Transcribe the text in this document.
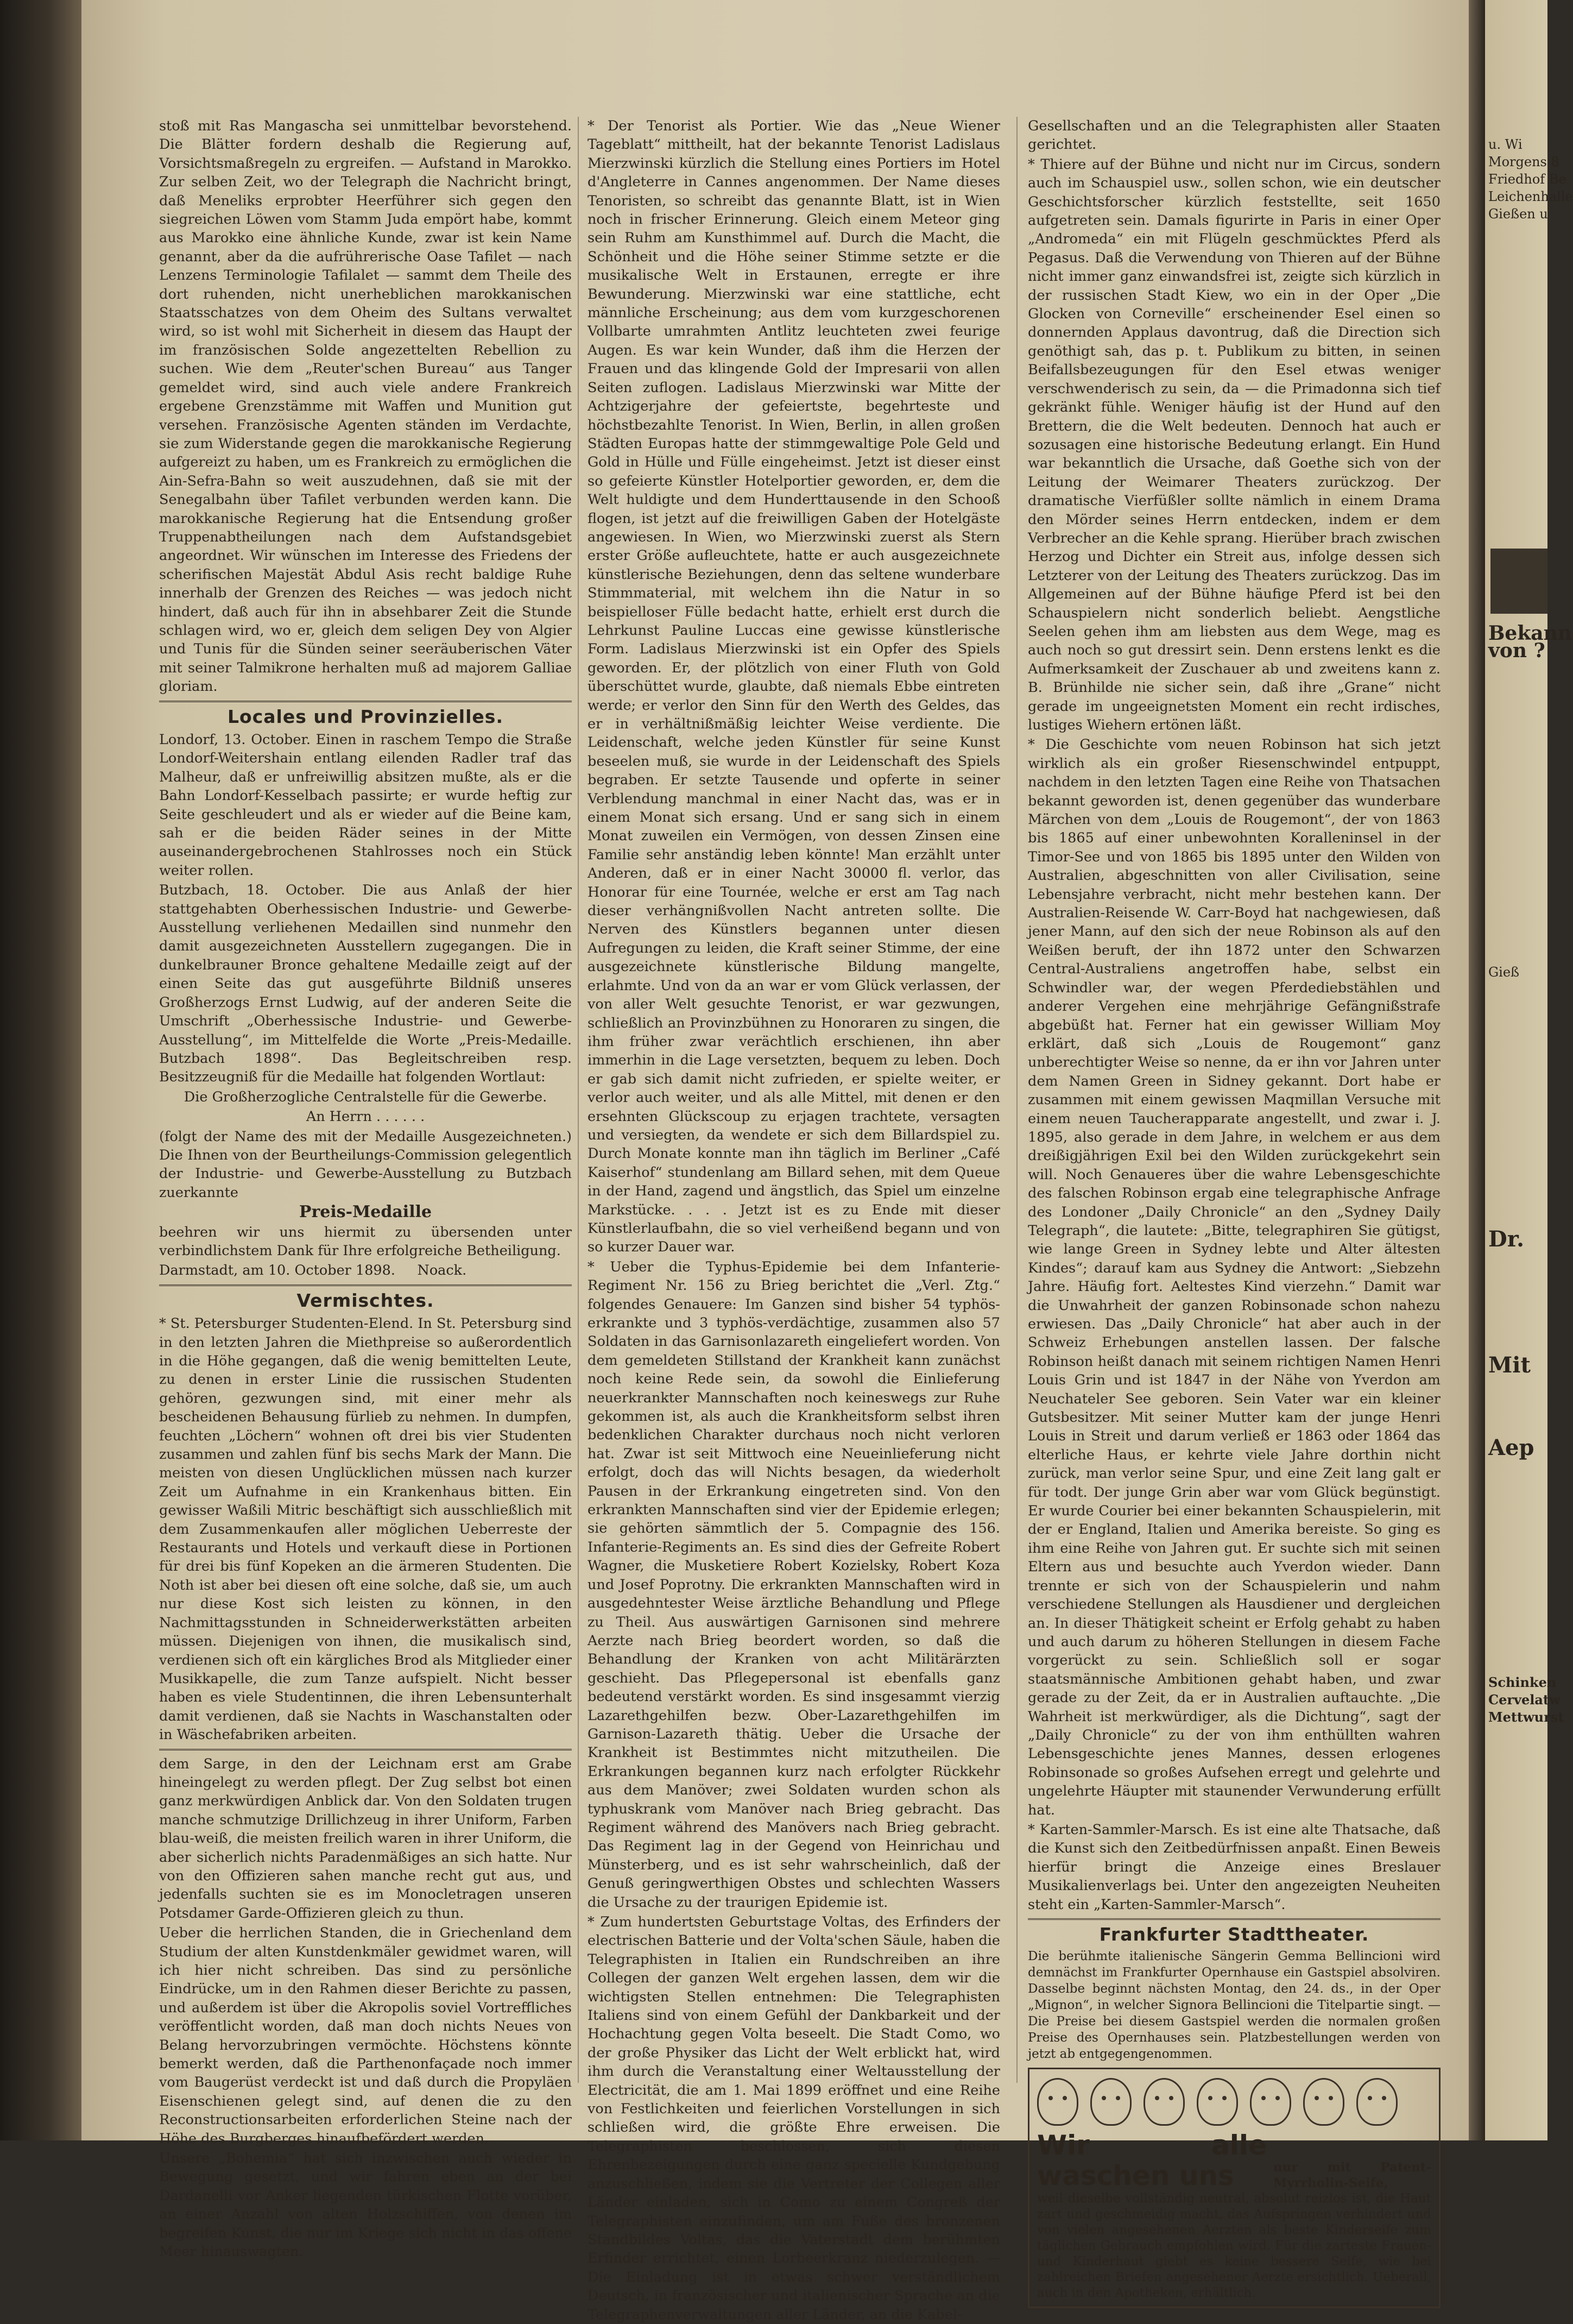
stoß mit Ras Mangascha sei unmittelbar bevorstehend. Die Blätter fordern deshalb die Regierung auf, Vorsichtsmaßregeln zu ergreifen. — Aufstand in Marokko. Zur selben Zeit, wo der Telegraph die Nachricht bringt, daß Meneliks erprobter Heerführer sich gegen den siegreichen Löwen vom Stamm Juda empört habe, kommt aus Marokko eine ähnliche Kunde, zwar ist kein Name genannt, aber da die aufrührerische Oase Tafilet — nach Lenzens Terminologie Tafilalet — sammt dem Theile des dort ruhenden, nicht unerheblichen marokkanischen Staatsschatzes von dem Oheim des Sultans verwaltet wird, so ist wohl mit Sicherheit in diesem das Haupt der im französischen Solde angezettelten Rebellion zu suchen. Wie dem „Reuter'schen Bureau“ aus Tanger gemeldet wird, sind auch viele andere Frankreich ergebene Grenzstämme mit Waffen und Munition gut versehen. Französische Agenten ständen im Verdachte, sie zum Widerstande gegen die marokkanische Regierung aufgereizt zu haben, um es Frankreich zu ermöglichen die Ain-Sefra-Bahn so weit auszudehnen, daß sie mit der Senegalbahn über Tafilet verbunden werden kann. Die marokkanische Regierung hat die Entsendung großer Truppenabtheilungen nach dem Aufstandsgebiet angeordnet. Wir wünschen im Interesse des Friedens der scherifischen Majestät Abdul Asis recht baldige Ruhe innerhalb der Grenzen des Reiches — was jedoch nicht hindert, daß auch für ihn in absehbarer Zeit die Stunde schlagen wird, wo er, gleich dem seligen Dey von Algier und Tunis für die Sünden seiner seeräuberischen Väter mit seiner Talmikrone herhalten muß ad majorem Galliae gloriam.

Locales und Provinzielles.

Londorf, 13. October. Einen in raschem Tempo die Straße Londorf-Weitershain entlang eilenden Radler traf das Malheur, daß er unfreiwillig absitzen mußte, als er die Bahn Londorf-Kesselbach passirte; er wurde heftig zur Seite geschleudert und als er wieder auf die Beine kam, sah er die beiden Räder seines in der Mitte auseinandergebrochenen Stahlrosses noch ein Stück weiter rollen.

Butzbach, 18. October. Die aus Anlaß der hier stattgehabten Oberhessischen Industrie- und Gewerbe-Ausstellung verliehenen Medaillen sind nunmehr den damit ausgezeichneten Ausstellern zugegangen. Die in dunkelbrauner Bronce gehaltene Medaille zeigt auf der einen Seite das gut ausgeführte Bildniß unseres Großherzogs Ernst Ludwig, auf der anderen Seite die Umschrift „Oberhessische Industrie- und Gewerbe-Ausstellung“, im Mittelfelde die Worte „Preis-Medaille. Butzbach 1898“. Das Begleitschreiben resp. Besitzzeugniß für die Medaille hat folgenden Wortlaut:

Die Großherzogliche Centralstelle für die Gewerbe.

An Herrn . . . . . .

(folgt der Name des mit der Medaille Ausgezeichneten.) Die Ihnen von der Beurtheilungs-Commission gelegentlich der Industrie- und Gewerbe-Ausstellung zu Butzbach zuerkannte

Preis-Medaille

beehren wir uns hiermit zu übersenden unter verbindlichstem Dank für Ihre erfolgreiche Betheiligung.

Darmstadt, am 10. October 1898.     Noack.

Vermischtes.

* St. Petersburger Studenten-Elend. In St. Petersburg sind in den letzten Jahren die Miethpreise so außerordentlich in die Höhe gegangen, daß die wenig bemittelten Leute, zu denen in erster Linie die russischen Studenten gehören, gezwungen sind, mit einer mehr als bescheidenen Behausung fürlieb zu nehmen. In dumpfen, feuchten „Löchern“ wohnen oft drei bis vier Studenten zusammen und zahlen fünf bis sechs Mark der Mann. Die meisten von diesen Unglücklichen müssen nach kurzer Zeit um Aufnahme in ein Krankenhaus bitten. Ein gewisser Waßili Mitric beschäftigt sich ausschließlich mit dem Zusammenkaufen aller möglichen Ueberreste der Restaurants und Hotels und verkauft diese in Portionen für drei bis fünf Kopeken an die ärmeren Studenten. Die Noth ist aber bei diesen oft eine solche, daß sie, um auch nur diese Kost sich leisten zu können, in den Nachmittagsstunden in Schneiderwerkstätten arbeiten müssen. Diejenigen von ihnen, die musikalisch sind, verdienen sich oft ein kärgliches Brod als Mitglieder einer Musikkapelle, die zum Tanze aufspielt. Nicht besser haben es viele Studentinnen, die ihren Lebensunterhalt damit verdienen, daß sie Nachts in Waschanstalten oder in Wäschefabriken arbeiten.

dem Sarge, in den der Leichnam erst am Grabe hineingelegt zu werden pflegt. Der Zug selbst bot einen ganz merkwürdigen Anblick dar. Von den Soldaten trugen manche schmutzige Drillichzeug in ihrer Uniform, Farben blau-weiß, die meisten freilich waren in ihrer Uniform, die aber sicherlich nichts Paradenmäßiges an sich hatte. Nur von den Offizieren sahen manche recht gut aus, und jedenfalls suchten sie es im Monocletragen unseren Potsdamer Garde-Offizieren gleich zu thun.

Ueber die herrlichen Standen, die in Griechenland dem Studium der alten Kunstdenkmäler gewidmet waren, will ich hier nicht schreiben. Das sind zu persönliche Eindrücke, um in den Rahmen dieser Berichte zu passen, und außerdem ist über die Akropolis soviel Vortreffliches veröffentlicht worden, daß man doch nichts Neues von Belang hervorzubringen vermöchte. Höchstens könnte bemerkt werden, daß die Parthenonfaçade noch immer vom Baugerüst verdeckt ist und daß durch die Propyläen Eisenschienen gelegt sind, auf denen die zu den Reconstructionsarbeiten erforderlichen Steine nach der Höhe des Burgberges hinaufbefördert werden.

Unsere „Bohemia“ hat sich inzwischen auch wieder in Bewegung gesetzt, und wir fahren eben an der bei Dardanelli vor Anker liegenden türkischen Flotte vorüber, an einer Anzahl von alten Holzschiffen, von denen im begreifen Kunst, die nur im Kriege sich nicht in das offene Meer hinauswagten.

* Der Tenorist als Portier. Wie das „Neue Wiener Tageblatt“ mittheilt, hat der bekannte Tenorist Ladislaus Mierzwinski kürzlich die Stellung eines Portiers im Hotel d'Angleterre in Cannes angenommen. Der Name dieses Tenoristen, so schreibt das genannte Blatt, ist in Wien noch in frischer Erinnerung. Gleich einem Meteor ging sein Ruhm am Kunsthimmel auf. Durch die Macht, die Schönheit und die Höhe seiner Stimme setzte er die musikalische Welt in Erstaunen, erregte er ihre Bewunderung. Mierzwinski war eine stattliche, echt männliche Erscheinung; aus dem vom kurzgeschorenen Vollbarte umrahmten Antlitz leuchteten zwei feurige Augen. Es war kein Wunder, daß ihm die Herzen der Frauen und das klingende Gold der Impresarii von allen Seiten zuflogen. Ladislaus Mierzwinski war Mitte der Achtzigerjahre der gefeiertste, begehrteste und höchstbezahlte Tenorist. In Wien, Berlin, in allen großen Städten Europas hatte der stimmgewaltige Pole Geld und Gold in Hülle und Fülle eingeheimst. Jetzt ist dieser einst so gefeierte Künstler Hotelportier geworden, er, dem die Welt huldigte und dem Hunderttausende in den Schooß flogen, ist jetzt auf die freiwilligen Gaben der Hotelgäste angewiesen. In Wien, wo Mierzwinski zuerst als Stern erster Größe aufleuchtete, hatte er auch ausgezeichnete künstlerische Beziehungen, denn das seltene wunderbare Stimmmaterial, mit welchem ihn die Natur in so beispielloser Fülle bedacht hatte, erhielt erst durch die Lehrkunst Pauline Luccas eine gewisse künstlerische Form. Ladislaus Mierzwinski ist ein Opfer des Spiels geworden. Er, der plötzlich von einer Fluth von Gold überschüttet wurde, glaubte, daß niemals Ebbe eintreten werde; er verlor den Sinn für den Werth des Geldes, das er in verhältnißmäßig leichter Weise verdiente. Die Leidenschaft, welche jeden Künstler für seine Kunst beseelen muß, sie wurde in der Leidenschaft des Spiels begraben. Er setzte Tausende und opferte in seiner Verblendung manchmal in einer Nacht das, was er in einem Monat sich ersang. Und er sang sich in einem Monat zuweilen ein Vermögen, von dessen Zinsen eine Familie sehr anständig leben könnte! Man erzählt unter Anderen, daß er in einer Nacht 30000 fl. verlor, das Honorar für eine Tournée, welche er erst am Tag nach dieser verhängnißvollen Nacht antreten sollte. Die Nerven des Künstlers begannen unter diesen Aufregungen zu leiden, die Kraft seiner Stimme, der eine ausgezeichnete künstlerische Bildung mangelte, erlahmte. Und von da an war er vom Glück verlassen, der von aller Welt gesuchte Tenorist, er war gezwungen, schließlich an Provinzbühnen zu Honoraren zu singen, die ihm früher zwar verächtlich erschienen, ihn aber immerhin in die Lage versetzten, bequem zu leben. Doch er gab sich damit nicht zufrieden, er spielte weiter, er verlor auch weiter, und als alle Mittel, mit denen er den ersehnten Glückscoup zu erjagen trachtete, versagten und versiegten, da wendete er sich dem Billardspiel zu. Durch Monate konnte man ihn täglich im Berliner „Café Kaiserhof“ stundenlang am Billard sehen, mit dem Queue in der Hand, zagend und ängstlich, das Spiel um einzelne Markstücke. . . . Jetzt ist es zu Ende mit dieser Künstlerlaufbahn, die so viel verheißend begann und von so kurzer Dauer war.

* Ueber die Typhus-Epidemie bei dem Infanterie-Regiment Nr. 156 zu Brieg berichtet die „Verl. Ztg.“ folgendes Genauere: Im Ganzen sind bisher 54 typhös-erkrankte und 3 typhös-verdächtige, zusammen also 57 Soldaten in das Garnisonlazareth eingeliefert worden. Von dem gemeldeten Stillstand der Krankheit kann zunächst noch keine Rede sein, da sowohl die Einlieferung neuerkrankter Mannschaften noch keineswegs zur Ruhe gekommen ist, als auch die Krankheitsform selbst ihren bedenklichen Charakter durchaus noch nicht verloren hat. Zwar ist seit Mittwoch eine Neueinlieferung nicht erfolgt, doch das will Nichts besagen, da wiederholt Pausen in der Erkrankung eingetreten sind. Von den erkrankten Mannschaften sind vier der Epidemie erlegen; sie gehörten sämmtlich der 5. Compagnie des 156. Infanterie-Regiments an. Es sind dies der Gefreite Robert Wagner, die Musketiere Robert Kozielsky, Robert Koza und Josef Poprotny. Die erkrankten Mannschaften wird in ausgedehntester Weise ärztliche Behandlung und Pflege zu Theil. Aus auswärtigen Garnisonen sind mehrere Aerzte nach Brieg beordert worden, so daß die Behandlung der Kranken von acht Militärärzten geschieht. Das Pflegepersonal ist ebenfalls ganz bedeutend verstärkt worden. Es sind insgesammt vierzig Lazarethgehilfen bezw. Ober-Lazarethgehilfen im Garnison-Lazareth thätig. Ueber die Ursache der Krankheit ist Bestimmtes nicht mitzutheilen. Die Erkrankungen begannen kurz nach erfolgter Rückkehr aus dem Manöver; zwei Soldaten wurden schon als typhuskrank vom Manöver nach Brieg gebracht. Das Regiment während des Manövers nach Brieg gebracht. Das Regiment lag in der Gegend von Heinrichau und Münsterberg, und es ist sehr wahrscheinlich, daß der Genuß geringwerthigen Obstes und schlechten Wassers die Ursache zu der traurigen Epidemie ist.

* Zum hundertsten Geburtstage Voltas, des Erfinders der electrischen Batterie und der Volta'schen Säule, haben die Telegraphisten in Italien ein Rundschreiben an ihre Collegen der ganzen Welt ergehen lassen, dem wir die wichtigsten Stellen entnehmen: Die Telegraphisten Italiens sind von einem Gefühl der Dankbarkeit und der Hochachtung gegen Volta beseelt. Die Stadt Como, wo der große Physiker das Licht der Welt erblickt hat, wird ihm durch die Veranstaltung einer Weltausstellung der Electricität, die am 1. Mai 1899 eröffnet und eine Reihe von Festlichkeiten und feierlichen Vorstellungen in sich schließen wird, die größte Ehre erweisen. Die Telegraphisten beschlossen, sich diesen Ehrenbezeigungen durch eine ganz specielle Kundgebung anzuschließen, indem sie die Vertreter der Collegen aller Länder einladen, sich in Como zu einem Congreß der Telegraphisten einzufinden, um am Fuße des bronzenen Standbildes Voltas, das die Vaterstadt dem berühmten Erfinder errichtet, einen Lorbeerkranz niederzulegen. — Die Einladung ist in etwas schwer verständlichem Deutsch, in französischer und italienischer Sprache an die Telegraphenverwaltungen aller Länder, an die Kabel-

Gesellschaften und an die Telegraphisten aller Staaten gerichtet.

* Thiere auf der Bühne und nicht nur im Circus, sondern auch im Schauspiel usw., sollen schon, wie ein deutscher Geschichtsforscher kürzlich feststellte, seit 1650 aufgetreten sein. Damals figurirte in Paris in einer Oper „Andromeda“ ein mit Flügeln geschmücktes Pferd als Pegasus. Daß die Verwendung von Thieren auf der Bühne nicht immer ganz einwandsfrei ist, zeigte sich kürzlich in der russischen Stadt Kiew, wo ein in der Oper „Die Glocken von Corneville“ erscheinender Esel einen so donnernden Applaus davontrug, daß die Direction sich genöthigt sah, das p. t. Publikum zu bitten, in seinen Beifallsbezeugungen für den Esel etwas weniger verschwenderisch zu sein, da — die Primadonna sich tief gekränkt fühle. Weniger häufig ist der Hund auf den Brettern, die die Welt bedeuten. Dennoch hat auch er sozusagen eine historische Bedeutung erlangt. Ein Hund war bekanntlich die Ursache, daß Goethe sich von der Leitung der Weimarer Theaters zurückzog. Der dramatische Vierfüßler sollte nämlich in einem Drama den Mörder seines Herrn entdecken, indem er dem Verbrecher an die Kehle sprang. Hierüber brach zwischen Herzog und Dichter ein Streit aus, infolge dessen sich Letzterer von der Leitung des Theaters zurückzog. Das im Allgemeinen auf der Bühne häufige Pferd ist bei den Schauspielern nicht sonderlich beliebt. Aengstliche Seelen gehen ihm am liebsten aus dem Wege, mag es auch noch so gut dressirt sein. Denn erstens lenkt es die Aufmerksamkeit der Zuschauer ab und zweitens kann z. B. Brünhilde nie sicher sein, daß ihre „Grane“ nicht gerade im ungeeignetsten Moment ein recht irdisches, lustiges Wiehern ertönen läßt.

* Die Geschichte vom neuen Robinson hat sich jetzt wirklich als ein großer Riesenschwindel entpuppt, nachdem in den letzten Tagen eine Reihe von Thatsachen bekannt geworden ist, denen gegenüber das wunderbare Märchen von dem „Louis de Rougemont“, der von 1863 bis 1865 auf einer unbewohnten Koralleninsel in der Timor-See und von 1865 bis 1895 unter den Wilden von Australien, abgeschnitten von aller Civilisation, seine Lebensjahre verbracht, nicht mehr bestehen kann. Der Australien-Reisende W. Carr-Boyd hat nachgewiesen, daß jener Mann, auf den sich der neue Robinson als auf den Weißen beruft, der ihn 1872 unter den Schwarzen Central-Australiens angetroffen habe, selbst ein Schwindler war, der wegen Pferdediebstählen und anderer Vergehen eine mehrjährige Gefängnißstrafe abgebüßt hat. Ferner hat ein gewisser William Moy erklärt, daß sich „Louis de Rougemont“ ganz unberechtigter Weise so nenne, da er ihn vor Jahren unter dem Namen Green in Sidney gekannt. Dort habe er zusammen mit einem gewissen Maqmillan Versuche mit einem neuen Taucherapparate angestellt, und zwar i. J. 1895, also gerade in dem Jahre, in welchem er aus dem dreißigjährigen Exil bei den Wilden zurückgekehrt sein will. Noch Genaueres über die wahre Lebensgeschichte des falschen Robinson ergab eine telegraphische Anfrage des Londoner „Daily Chronicle“ an den „Sydney Daily Telegraph“, die lautete: „Bitte, telegraphiren Sie gütigst, wie lange Green in Sydney lebte und Alter ältesten Kindes“; darauf kam aus Sydney die Antwort: „Siebzehn Jahre. Häufig fort. Aeltestes Kind vierzehn.“ Damit war die Unwahrheit der ganzen Robinsonade schon nahezu erwiesen. Das „Daily Chronicle“ hat aber auch in der Schweiz Erhebungen anstellen lassen. Der falsche Robinson heißt danach mit seinem richtigen Namen Henri Louis Grin und ist 1847 in der Nähe von Yverdon am Neuchateler See geboren. Sein Vater war ein kleiner Gutsbesitzer. Mit seiner Mutter kam der junge Henri Louis in Streit und darum verließ er 1863 oder 1864 das elterliche Haus, er kehrte viele Jahre dorthin nicht zurück, man verlor seine Spur, und eine Zeit lang galt er für todt. Der junge Grin aber war vom Glück begünstigt. Er wurde Courier bei einer bekannten Schauspielerin, mit der er England, Italien und Amerika bereiste. So ging es ihm eine Reihe von Jahren gut. Er suchte sich mit seinen Eltern aus und besuchte auch Yverdon wieder. Dann trennte er sich von der Schauspielerin und nahm verschiedene Stellungen als Hausdiener und dergleichen an. In dieser Thätigkeit scheint er Erfolg gehabt zu haben und auch darum zu höheren Stellungen in diesem Fache vorgerückt zu sein. Schließlich soll er sogar staatsmännische Ambitionen gehabt haben, und zwar gerade zu der Zeit, da er in Australien auftauchte. „Die Wahrheit ist merkwürdiger, als die Dichtung“, sagt der „Daily Chronicle“ zu der von ihm enthüllten wahren Lebensgeschichte jenes Mannes, dessen erlogenes Robinsonade so großes Aufsehen erregt und gelehrte und ungelehrte Häupter mit staunender Verwunderung erfüllt hat.

* Karten-Sammler-Marsch. Es ist eine alte Thatsache, daß die Kunst sich den Zeitbedürfnissen anpaßt. Einen Beweis hierfür bringt die Anzeige eines Breslauer Musikalienverlags bei. Unter den angezeigten Neuheiten steht ein „Karten-Sammler-Marsch“.

Frankfurter Stadttheater.

Die berühmte italienische Sängerin Gemma Bellincioni wird demnächst im Frankfurter Opernhause ein Gastspiel absolviren. Dasselbe beginnt nächsten Montag, den 24. ds., in der Oper „Mignon“, in welcher Signora Bellincioni die Titelpartie singt. — Die Preise bei diesem Gastspiel werden die normalen großen Preise des Opernhauses sein. Platzbestellungen werden von jetzt ab entgegengenommen.

Wir alle waschen uns	nur mit Patent-Myrrholin-Seife,
weil dieselbe vollständig neutral, absolut reizlos ist, die Haut zart und geschmeidig macht, das Aufspringen verhindert und von vielen angesehenen Aerzten als beste Kinderseife zum täglichen Gebrauch empfohlen wird. Für die zarteste Frauen- und Kinderhaut giebt es keine bessere Seife, wie bei zahlreichen Briefen angesehener Aerzte ersichtlich. Ueberall, auch in den Apotheken, erhältlich.
u. Wi
Morgens 8
Friedhof Be
Leichenhalle
Gießen u
Bekann
von ?
Gieß
Dr.
Mit
Aep
Schinken
Cervelatw
Mettwurst
